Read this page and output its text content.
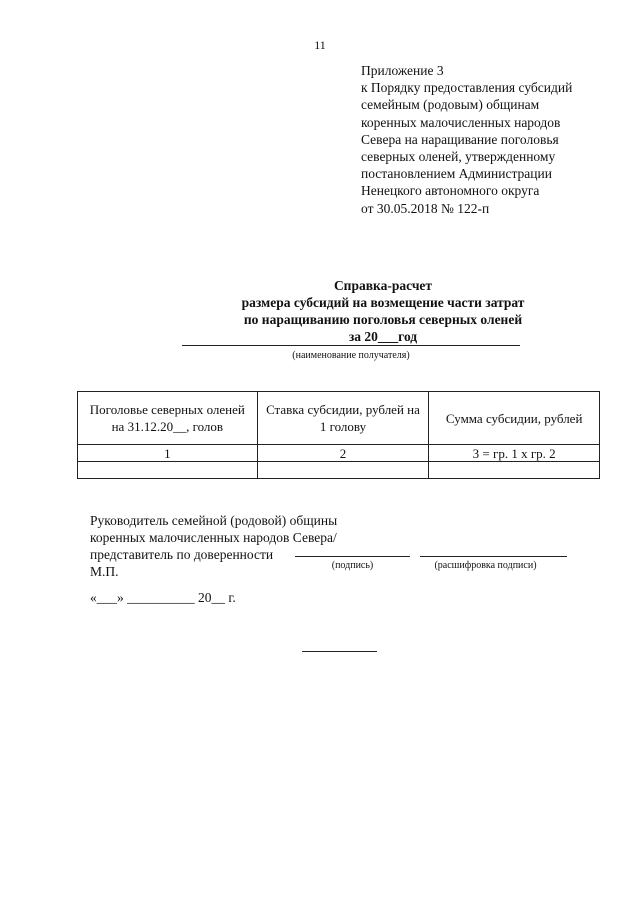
11
Приложение 3
к Порядку предоставления субсидий
семейным (родовым) общинам
коренных малочисленных народов
Севера на наращивание поголовья
северных оленей, утвержденному
постановлением Администрации
Ненецкого автономного округа
от 30.05.2018 № 122-п
Справка-расчет
размера субсидий на возмещение части затрат
по наращиванию поголовья северных оленей
за 20___год
(наименование получателя)
Поголовье северных оленей на 31.12.20__, голов	Ставка субсидии, рублей на 1 голову	Сумма субсидии, рублей
1	2	3 = гр. 1 x гр. 2

Руководитель семейной (родовой) общины
коренных малочисленных народов Севера/
представитель по доверенности
М.П.	(подпись)	(расшифровка подписи)
«___» __________ 20__ г.
